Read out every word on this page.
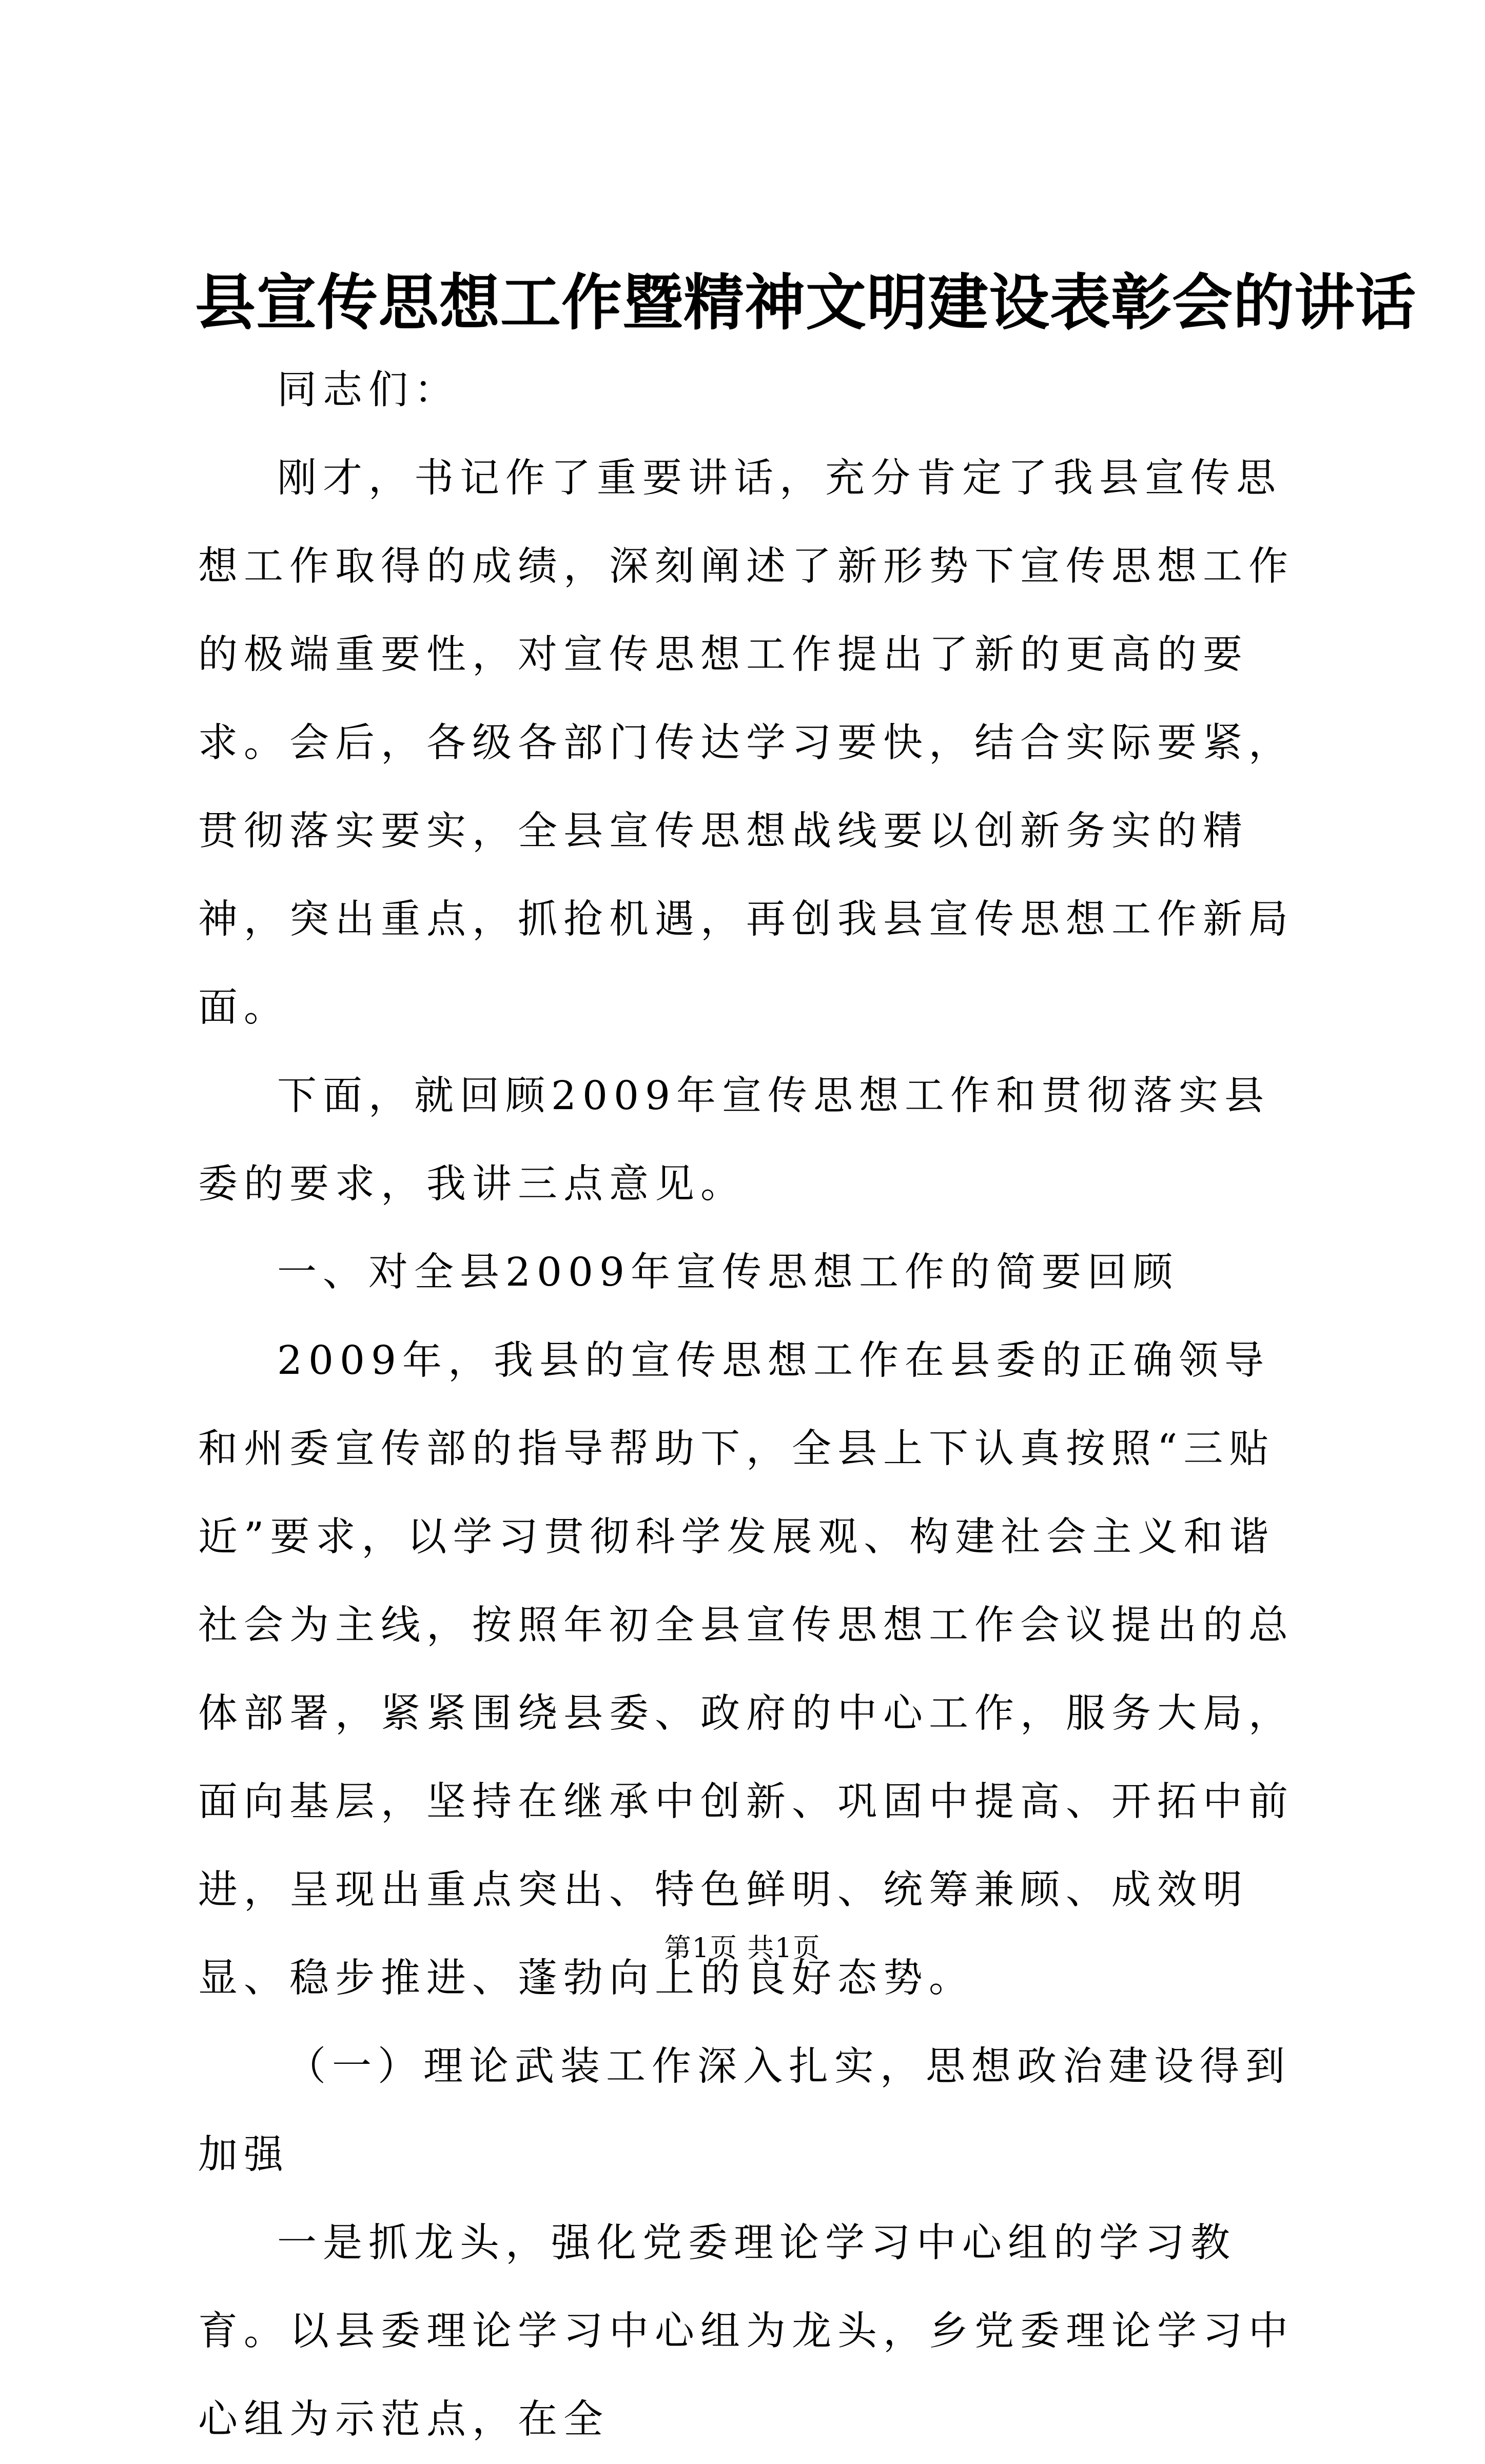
县宣传思想工作暨精神文明建设表彰会的讲话

同志们：

刚才，书记作了重要讲话，充分肯定了我县宣传思想工作取得的成绩，深刻阐述了新形势下宣传思想工作的极端重要性，对宣传思想工作提出了新的更高的要求。会后，各级各部门传达学习要快，结合实际要紧，贯彻落实要实，全县宣传思想战线要以创新务实的精神，突出重点，抓抢机遇，再创我县宣传思想工作新局面。

下面，就回顾2009年宣传思想工作和贯彻落实县委的要求，我讲三点意见。

一、对全县2009年宣传思想工作的简要回顾

2009年，我县的宣传思想工作在县委的正确领导和州委宣传部的指导帮助下，全县上下认真按照“三贴近”要求，以学习贯彻科学发展观、构建社会主义和谐社会为主线，按照年初全县宣传思想工作会议提出的总体部署，紧紧围绕县委、政府的中心工作，服务大局，面向基层，坚持在继承中创新、巩固中提高、开拓中前进，呈现出重点突出、特色鲜明、统筹兼顾、成效明显、稳步推进、蓬勃向上的良好态势。

（一）理论武装工作深入扎实，思想政治建设得到加强

一是抓龙头，强化党委理论学习中心组的学习教育。以县委理论学习中心组为龙头，乡党委理论学习中心组为示范点，在全

第1页 共1页
